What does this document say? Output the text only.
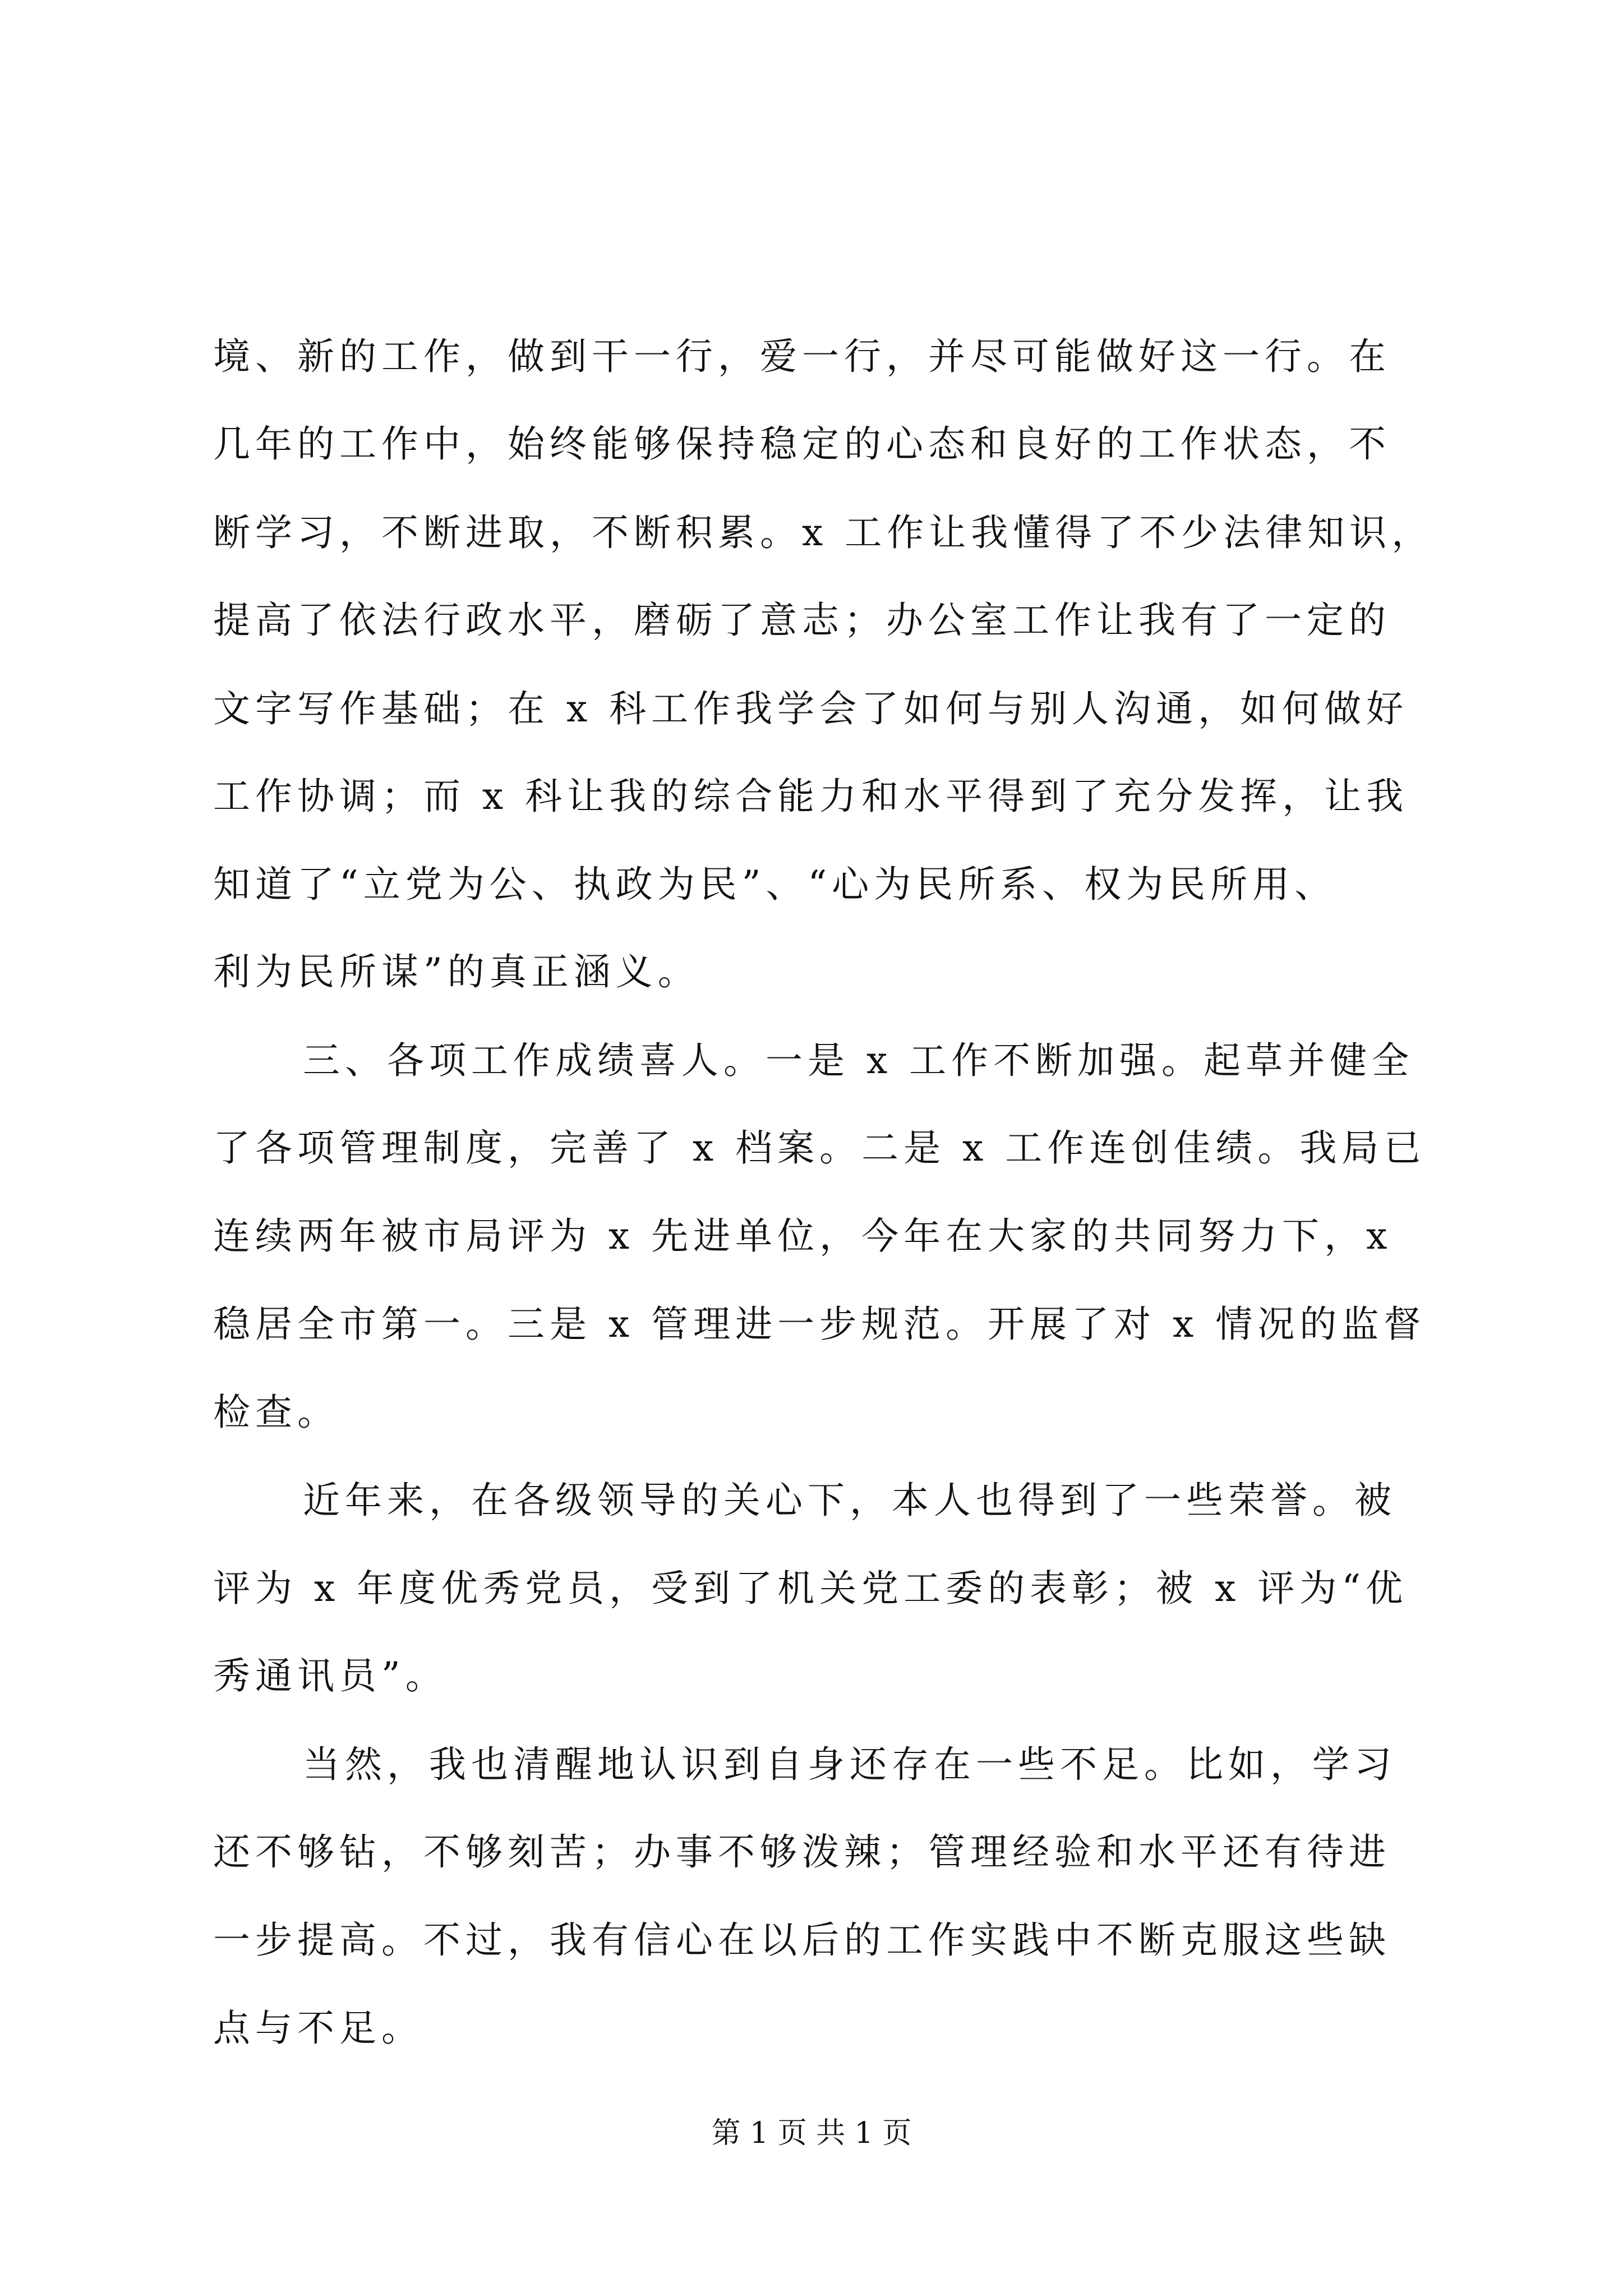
境、新的工作，做到干一行，爱一行，并尽可能做好这一行。在
几年的工作中，始终能够保持稳定的心态和良好的工作状态，不
断学习，不断进取，不断积累。x 工作让我懂得了不少法律知识，
提高了依法行政水平，磨砺了意志；办公室工作让我有了一定的
文字写作基础；在 x 科工作我学会了如何与别人沟通，如何做好
工作协调；而 x 科让我的综合能力和水平得到了充分发挥，让我
知道了“立党为公、执政为民”、“心为民所系、权为民所用、
利为民所谋”的真正涵义。
三、各项工作成绩喜人。一是 x 工作不断加强。起草并健全
了各项管理制度，完善了 x 档案。二是 x 工作连创佳绩。我局已
连续两年被市局评为 x 先进单位，今年在大家的共同努力下，x
稳居全市第一。三是 x 管理进一步规范。开展了对 x 情况的监督
检查。
近年来，在各级领导的关心下，本人也得到了一些荣誉。被
评为 x 年度优秀党员，受到了机关党工委的表彰；被 x 评为“优
秀通讯员”。
当然，我也清醒地认识到自身还存在一些不足。比如，学习
还不够钻，不够刻苦；办事不够泼辣；管理经验和水平还有待进
一步提高。不过，我有信心在以后的工作实践中不断克服这些缺
点与不足。
第 1 页 共 1 页
